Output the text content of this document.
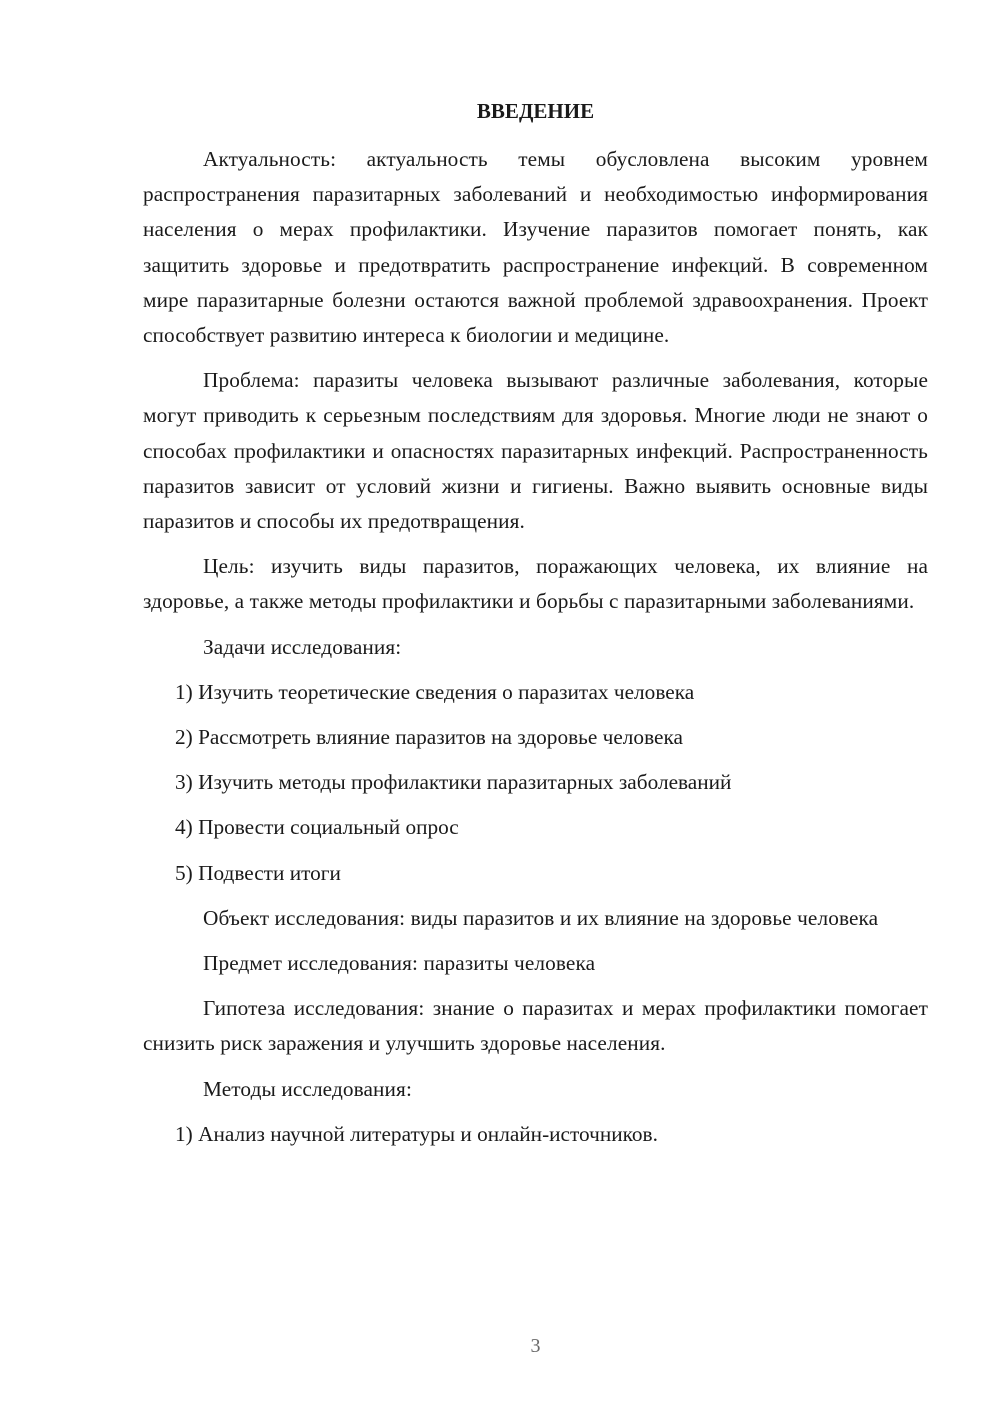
ВВЕДЕНИЕ

Актуальность: актуальность темы обусловлена высоким уровнем распространения паразитарных заболеваний и необходимостью информирования населения о мерах профилактики. Изучение паразитов помогает понять, как защитить здоровье и предотвратить распространение инфекций. В современном мире паразитарные болезни остаются важной проблемой здравоохранения. Проект способствует развитию интереса к биологии и медицине.

Проблема: паразиты человека вызывают различные заболевания, которые могут приводить к серьезным последствиям для здоровья. Многие люди не знают о способах профилактики и опасностях паразитарных инфекций. Распространенность паразитов зависит от условий жизни и гигиены. Важно выявить основные виды паразитов и способы их предотвращения.

Цель: изучить виды паразитов, поражающих человека, их влияние на здоровье, а также методы профилактики и борьбы с паразитарными заболеваниями.

Задачи исследования:

1) Изучить теоретические сведения о паразитах человека

2) Рассмотреть влияние паразитов на здоровье человека

3) Изучить методы профилактики паразитарных заболеваний

4) Провести социальный опрос

5) Подвести итоги

Объект исследования: виды паразитов и их влияние на здоровье человека

Предмет исследования: паразиты человека

Гипотеза исследования: знание о паразитах и мерах профилактики помогает снизить риск заражения и улучшить здоровье населения.

Методы исследования:

1) Анализ научной литературы и онлайн-источников.

3
